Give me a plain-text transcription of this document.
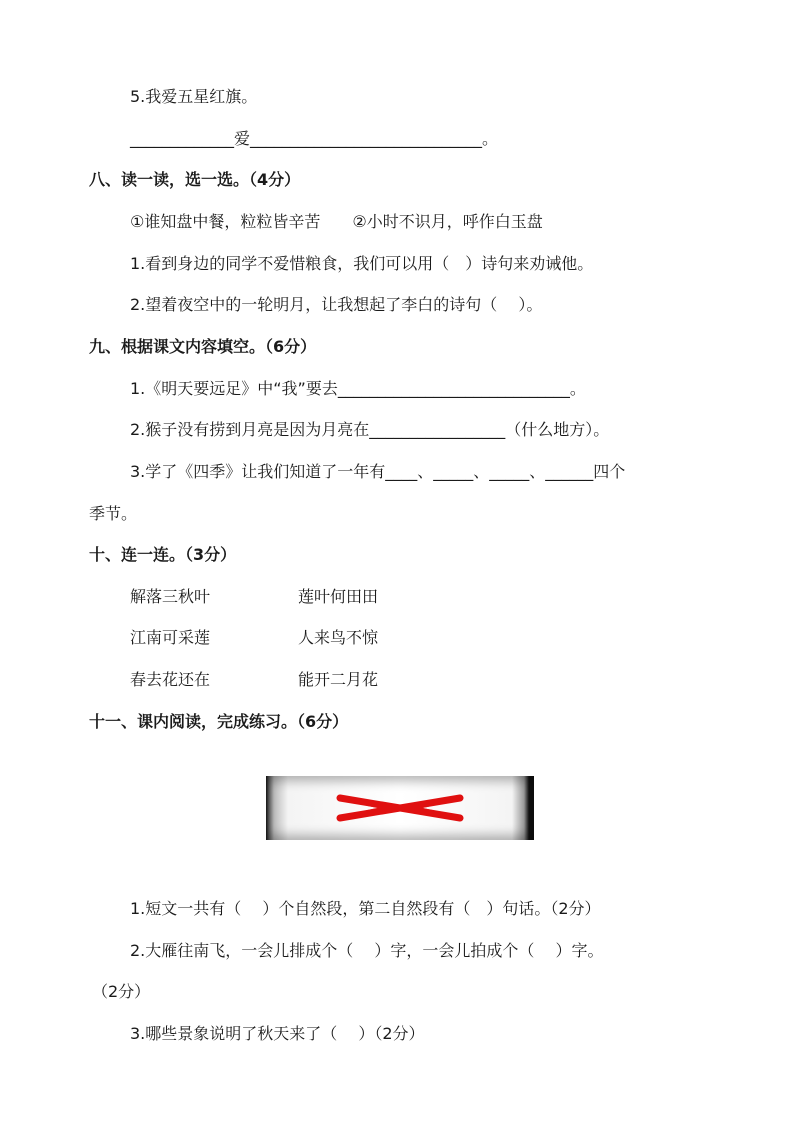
5.我爱五星红旗。
_____________爱_____________________________。
八、读一读，选一选。（4分）
①谁知盘中餐，粒粒皆辛苦　　②小时不识月，呼作白玉盘
1.看到身边的同学不爱惜粮食，我们可以用（　）诗句来劝诫他。
2.望着夜空中的一轮明月，让我想起了李白的诗句（　 ）。
九、根据课文内容填空。（6分）
1.《明天要远足》中“我”要去_____________________________。
2.猴子没有捞到月亮是因为月亮在_________________（什么地方）。
3.学了《四季》让我们知道了一年有____、_____、_____、______四个
季节。
十、连一连。（3分）
解落三秋叶	莲叶何田田
江南可采莲	人来鸟不惊
春去花还在	能开二月花
十一、课内阅读，完成练习。（6分）
1.短文一共有（　 ）个自然段，第二自然段有（　）句话。（2分）
2.大雁往南飞，一会儿排成个（　 ）字，一会儿拍成个（　 ）字。
（2分）
3.哪些景象说明了秋天来了（　 ）（2分）
